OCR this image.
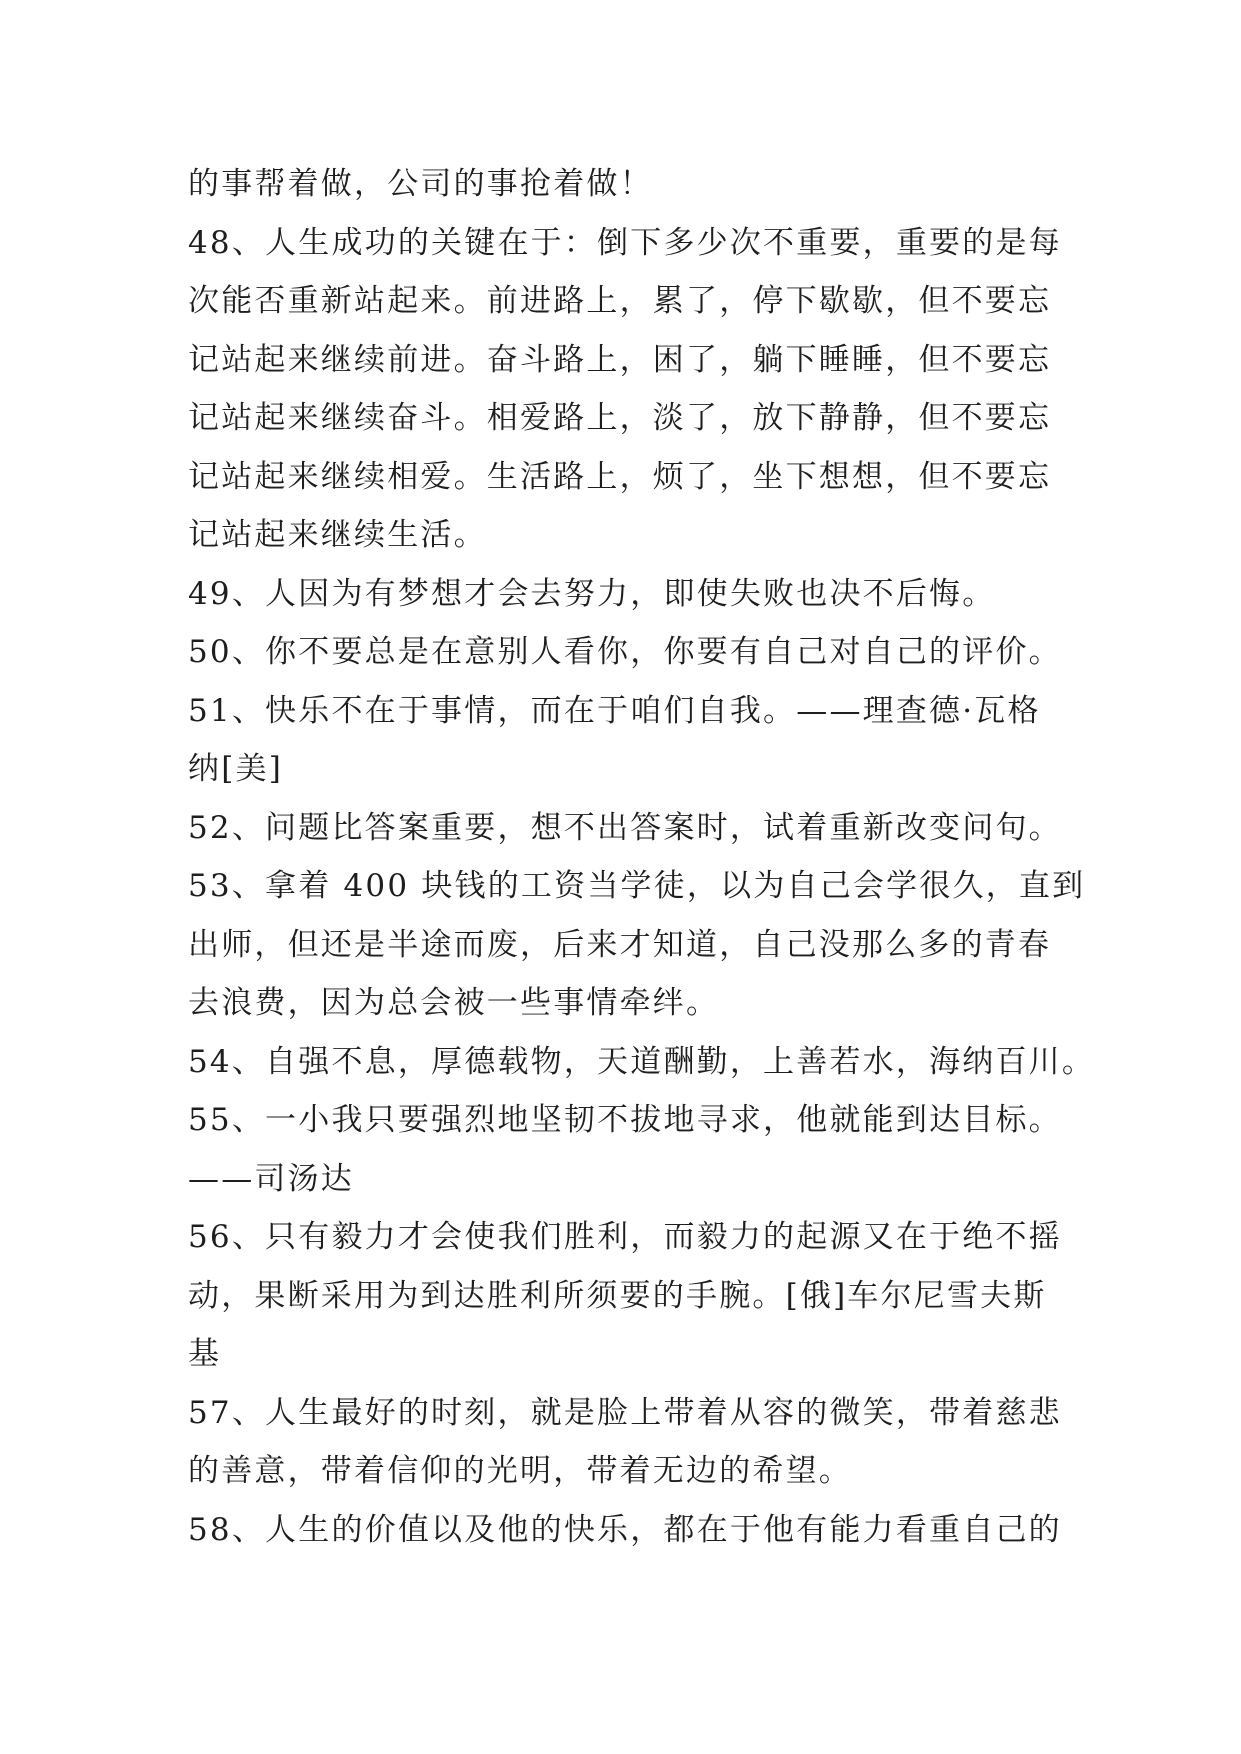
的事帮着做，公司的事抢着做！
48、人生成功的关键在于：倒下多少次不重要，重要的是每
次能否重新站起来。前进路上，累了，停下歇歇，但不要忘
记站起来继续前进。奋斗路上，困了，躺下睡睡，但不要忘
记站起来继续奋斗。相爱路上，淡了，放下静静，但不要忘
记站起来继续相爱。生活路上，烦了，坐下想想，但不要忘
记站起来继续生活。
49、人因为有梦想才会去努力，即使失败也决不后悔。
50、你不要总是在意别人看你，你要有自己对自己的评价。
51、快乐不在于事情，而在于咱们自我。——理查德·瓦格
纳[美]
52、问题比答案重要，想不出答案时，试着重新改变问句。
53、拿着 400 块钱的工资当学徒，以为自己会学很久，直到
出师，但还是半途而废，后来才知道，自己没那么多的青春
去浪费，因为总会被一些事情牵绊。
54、自强不息，厚德载物，天道酬勤，上善若水，海纳百川。
55、一小我只要强烈地坚韧不拔地寻求，他就能到达目标。
——司汤达
56、只有毅力才会使我们胜利，而毅力的起源又在于绝不摇
动，果断采用为到达胜利所须要的手腕。[俄]车尔尼雪夫斯
基
57、人生最好的时刻，就是脸上带着从容的微笑，带着慈悲
的善意，带着信仰的光明，带着无边的希望。
58、人生的价值以及他的快乐，都在于他有能力看重自己的
